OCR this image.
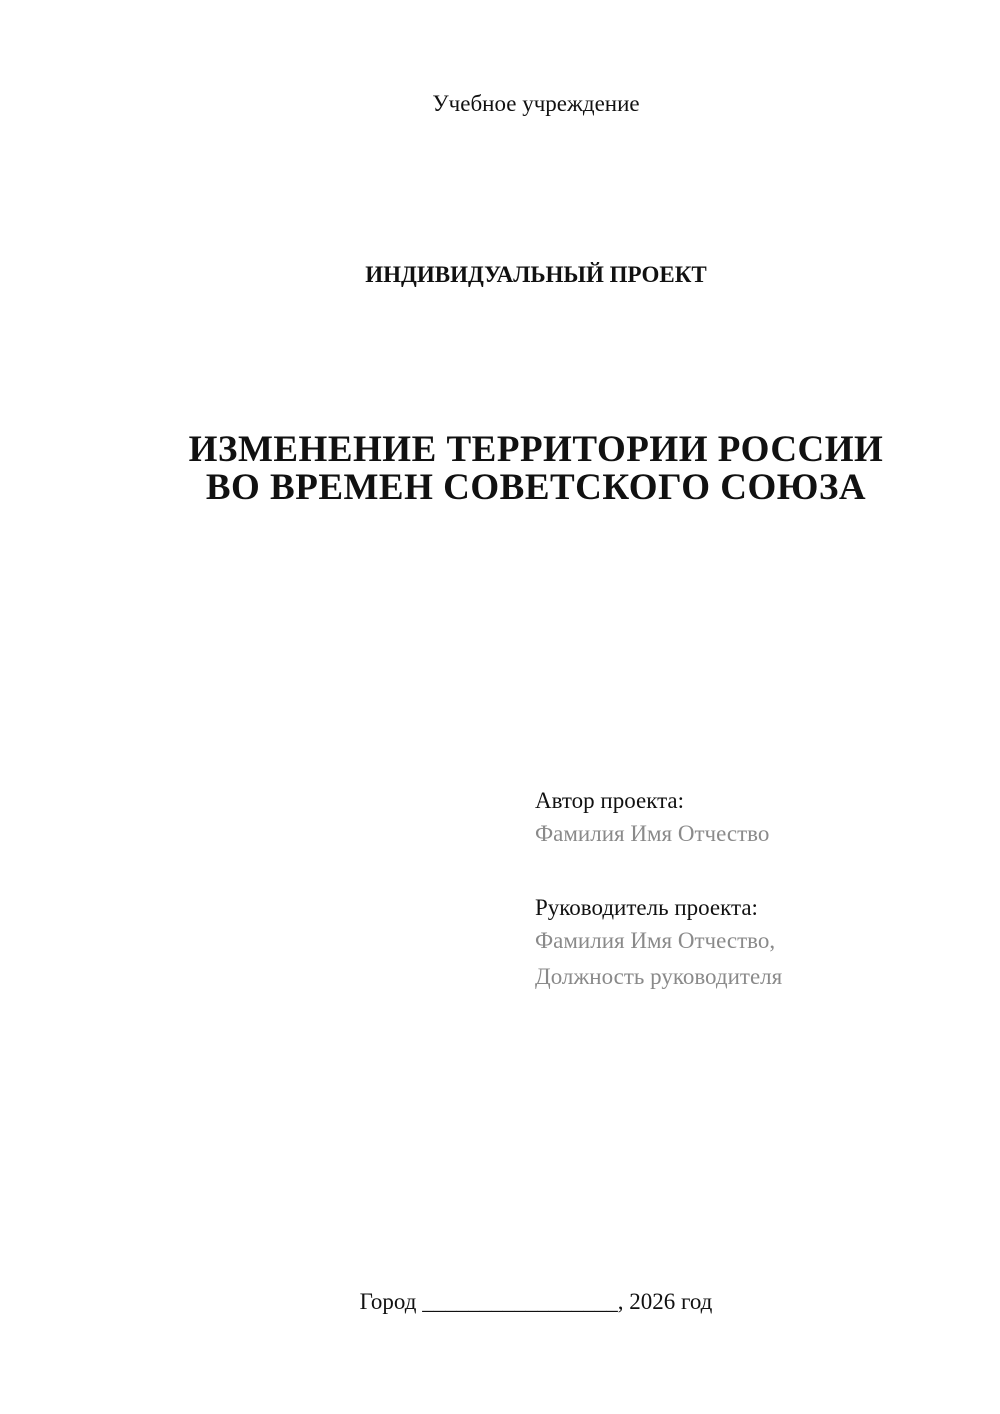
Учебное учреждение
ИНДИВИДУАЛЬНЫЙ ПРОЕКТ
ИЗМЕНЕНИЕ ТЕРРИТОРИИ РОССИИ
ВО ВРЕМЕН СОВЕТСКОГО СОЮЗА
Автор проекта:
Фамилия Имя Отчество
Руководитель проекта:
Фамилия Имя Отчество,
Должность руководителя
Город _________________, 2026 год
